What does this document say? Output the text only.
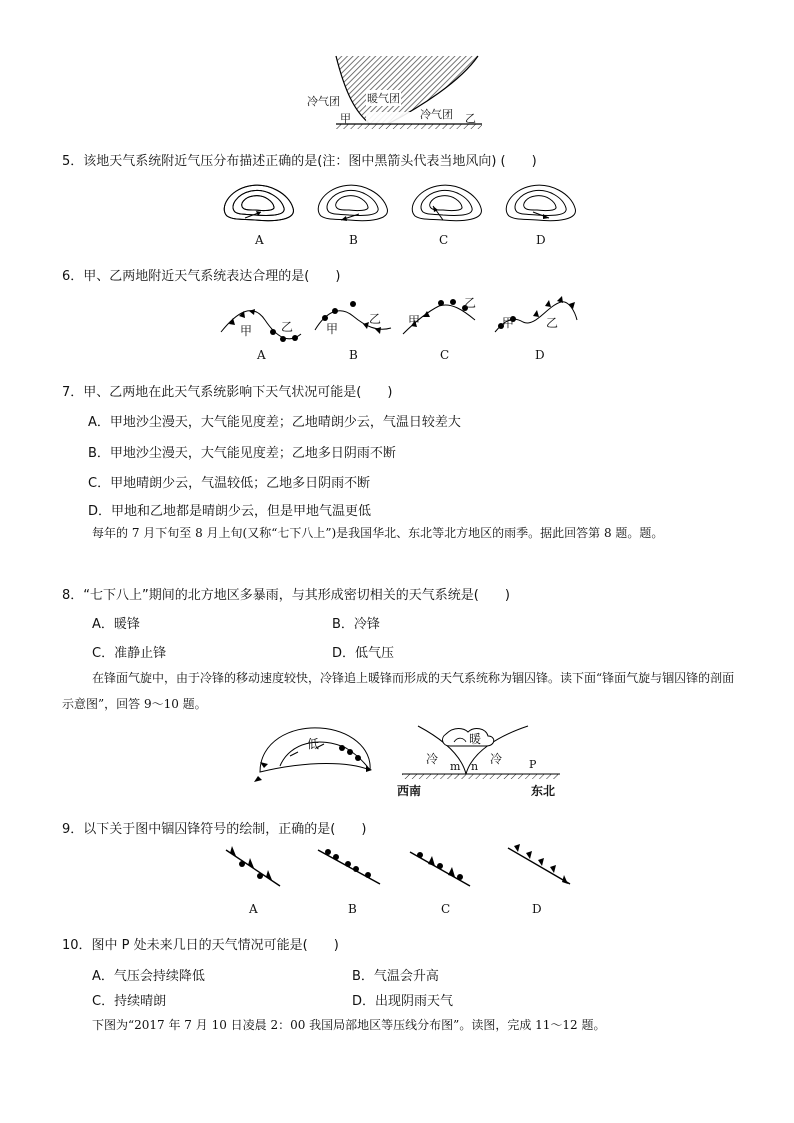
冷气团 暖气团
冷气团
甲	乙
5．该地天气系统附近气压分布描述正确的是(注：图中黑箭头代表当地风向) (　　)
A	B	C	D
6．甲、乙两地附近天气系统表达合理的是(　　)
甲 乙	甲
乙 甲
乙
甲	乙
A	B	C	D
7．甲、乙两地在此天气系统影响下天气状况可能是(　　)
A．甲地沙尘漫天，大气能见度差；乙地晴朗少云，气温日较差大
B．甲地沙尘漫天，大气能见度差；乙地多日阴雨不断
C．甲地晴朗少云，气温较低；乙地多日阴雨不断
D．甲地和乙地都是晴朗少云，但是甲地气温更低
每年的 7 月下旬至 8 月上旬(又称“七下八上”)是我国华北、东北等北方地区的雨季。据此回答第 8 题。题。
8．“七下八上”期间的北方地区多暴雨，与其形成密切相关的天气系统是(　　)
A．暖锋	B．冷锋
C．准静止锋	D．低气压
在锋面气旋中，由于冷锋的移动速度较快，冷锋追上暖锋而形成的天气系统称为锢囚锋。读下面“锋面气旋与锢囚锋的剖面示意图”，回答 9～10 题。
低	暖
冷	冷
m n	P
西南	东北
9．以下关于图中锢囚锋符号的绘制，正确的是(　　)
A	B	C	D
10．图中 P 处未来几日的天气情况可能是(　　)
A．气压会持续降低	B．气温会升高
C．持续晴朗	D．出现阴雨天气
下图为“2017 年 7 月 10 日凌晨 2：00 我国局部地区等压线分布图”。读图，完成 11～12 题。
